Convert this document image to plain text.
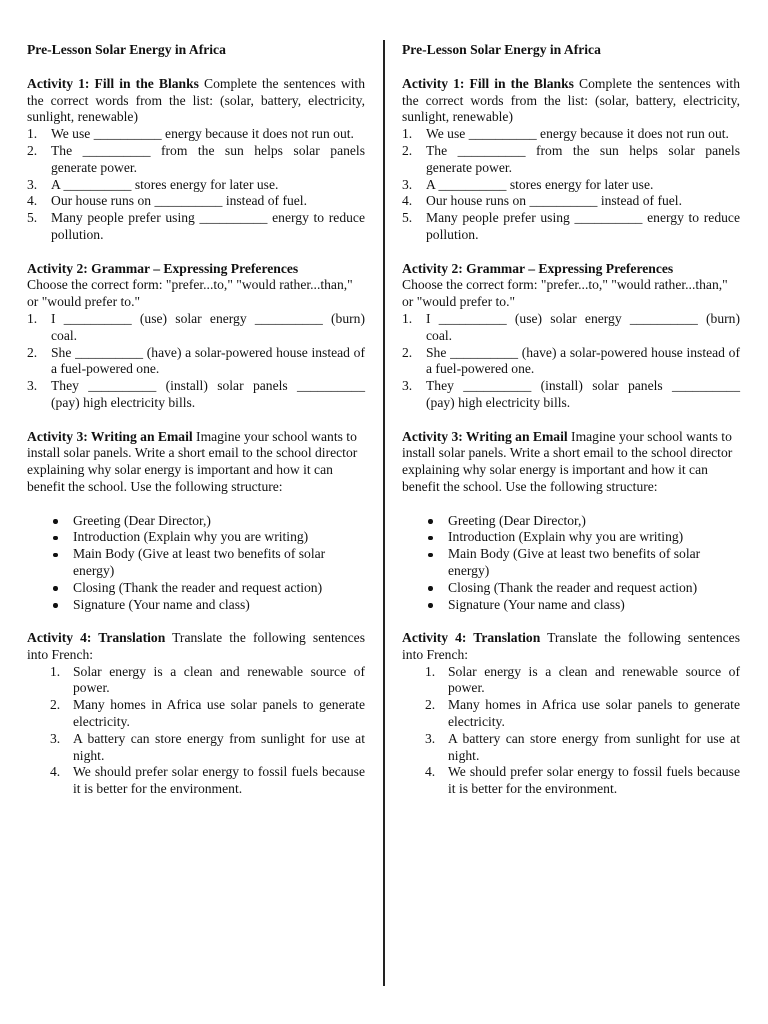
Pre-Lesson Solar Energy in Africa
Activity 1: Fill in the Blanks Complete the sentences with the correct words from the list: (solar, battery, electricity, sunlight, renewable)
1. We use __________ energy because it does not run out.
2. The __________ from the sun helps solar panels generate power.
3. A __________ stores energy for later use.
4. Our house runs on __________ instead of fuel.
5. Many people prefer using __________ energy to reduce pollution.
Activity 2: Grammar – Expressing Preferences
Choose the correct form: "prefer...to," "would rather...than," or "would prefer to."
1. I __________ (use) solar energy __________ (burn) coal.
2. She __________ (have) a solar-powered house instead of a fuel-powered one.
3. They __________ (install) solar panels __________ (pay) high electricity bills.
Activity 3: Writing an Email Imagine your school wants to install solar panels. Write a short email to the school director explaining why solar energy is important and how it can benefit the school. Use the following structure:
Greeting (Dear Director,)
Introduction (Explain why you are writing)
Main Body (Give at least two benefits of solar energy)
Closing (Thank the reader and request action)
Signature (Your name and class)
Activity 4: Translation Translate the following sentences into French:
1. Solar energy is a clean and renewable source of power.
2. Many homes in Africa use solar panels to generate electricity.
3. A battery can store energy from sunlight for use at night.
4. We should prefer solar energy to fossil fuels because it is better for the environment.
Pre-Lesson Solar Energy in Africa
Activity 1: Fill in the Blanks Complete the sentences with the correct words from the list: (solar, battery, electricity, sunlight, renewable)
1. We use __________ energy because it does not run out.
2. The __________ from the sun helps solar panels generate power.
3. A __________ stores energy for later use.
4. Our house runs on __________ instead of fuel.
5. Many people prefer using __________ energy to reduce pollution.
Activity 2: Grammar – Expressing Preferences
Choose the correct form: "prefer...to," "would rather...than," or "would prefer to."
1. I __________ (use) solar energy __________ (burn) coal.
2. She __________ (have) a solar-powered house instead of a fuel-powered one.
3. They __________ (install) solar panels __________ (pay) high electricity bills.
Activity 3: Writing an Email Imagine your school wants to install solar panels. Write a short email to the school director explaining why solar energy is important and how it can benefit the school. Use the following structure:
Greeting (Dear Director,)
Introduction (Explain why you are writing)
Main Body (Give at least two benefits of solar energy)
Closing (Thank the reader and request action)
Signature (Your name and class)
Activity 4: Translation Translate the following sentences into French:
1. Solar energy is a clean and renewable source of power.
2. Many homes in Africa use solar panels to generate electricity.
3. A battery can store energy from sunlight for use at night.
4. We should prefer solar energy to fossil fuels because it is better for the environment.
